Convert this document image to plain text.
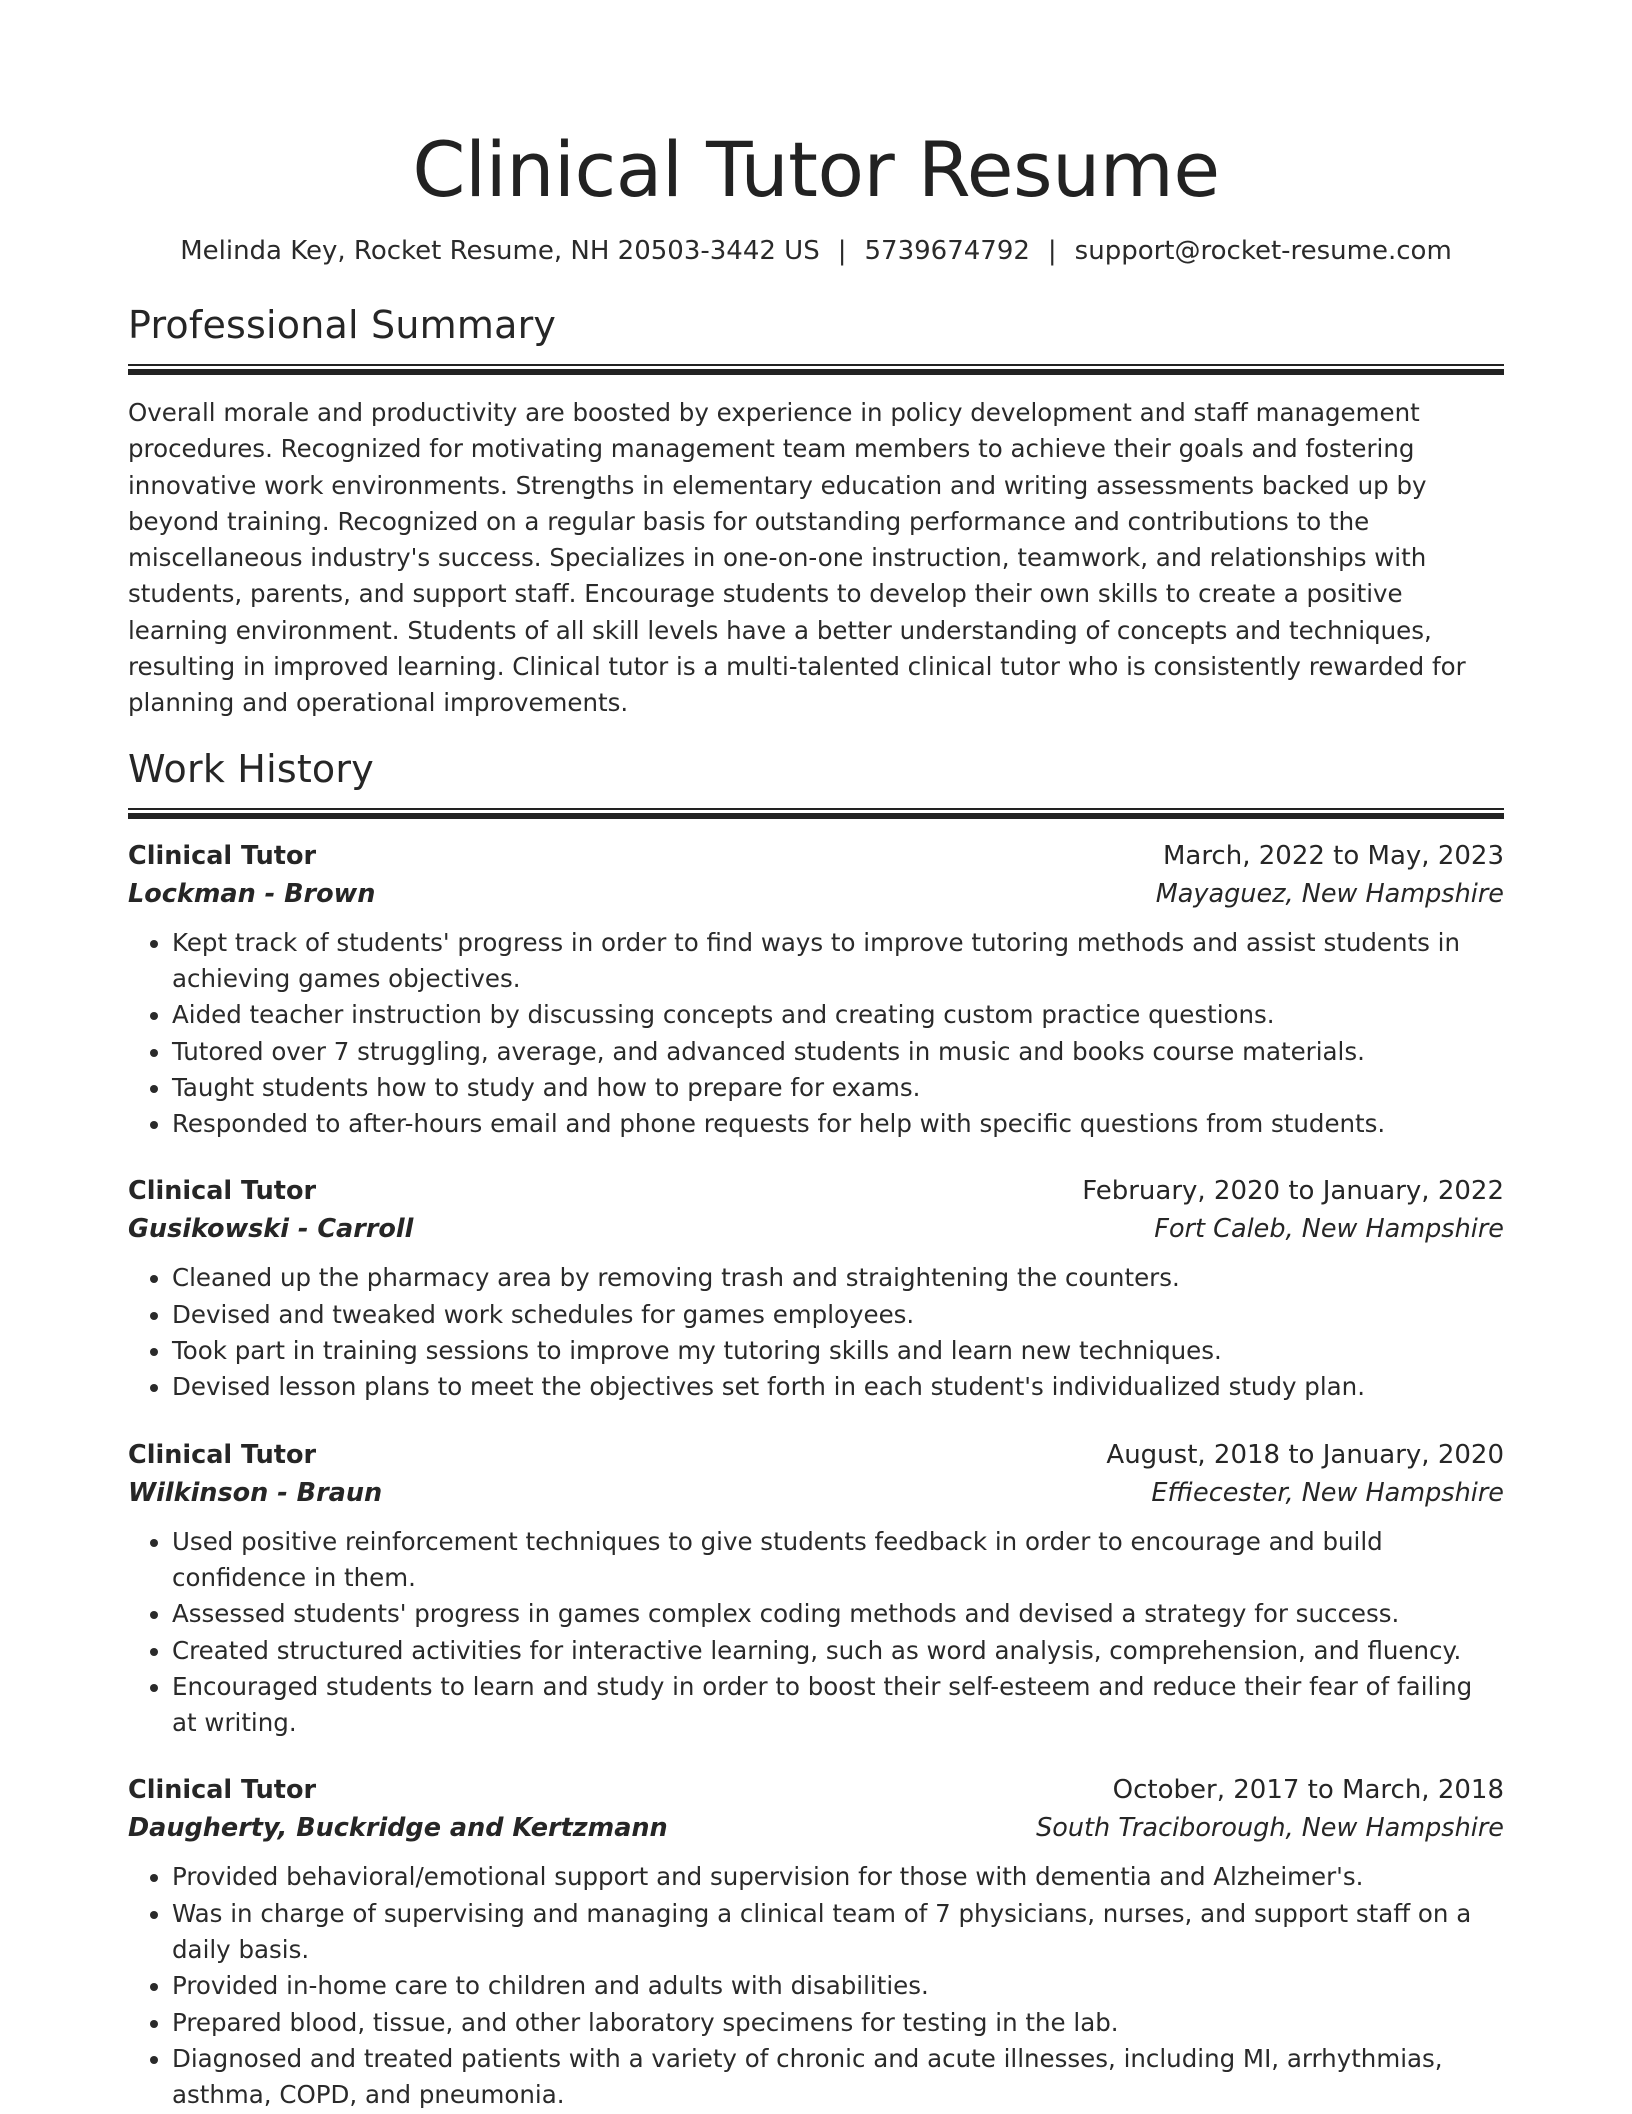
Clinical Tutor Resume
Melinda Key, Rocket Resume, NH 20503-3442 US | 5739674792 | support@rocket-resume.com
Professional Summary

Overall morale and productivity are boosted by experience in policy development and staff management procedures. Recognized for motivating management team members to achieve their goals and fostering innovative work environments. Strengths in elementary education and writing assessments backed up by beyond training. Recognized on a regular basis for outstanding performance and contributions to the miscellaneous industry's success. Specializes in one-on-one instruction, teamwork, and relationships with students, parents, and support staff. Encourage students to develop their own skills to create a positive learning environment. Students of all skill levels have a better understanding of concepts and techniques, resulting in improved learning. Clinical tutor is a multi-talented clinical tutor who is consistently rewarded for planning and operational improvements.

Work History
Clinical Tutor	March, 2022 to May, 2023
Lockman - Brown	Mayaguez, New Hampshire
• Kept track of students' progress in order to find ways to improve tutoring methods and assist students in achieving games objectives.
• Aided teacher instruction by discussing concepts and creating custom practice questions.
• Tutored over 7 struggling, average, and advanced students in music and books course materials.
• Taught students how to study and how to prepare for exams.
• Responded to after-hours email and phone requests for help with specific questions from students.
Clinical Tutor	February, 2020 to January, 2022
Gusikowski - Carroll	Fort Caleb, New Hampshire
• Cleaned up the pharmacy area by removing trash and straightening the counters.
• Devised and tweaked work schedules for games employees.
• Took part in training sessions to improve my tutoring skills and learn new techniques.
• Devised lesson plans to meet the objectives set forth in each student's individualized study plan.
Clinical Tutor	August, 2018 to January, 2020
Wilkinson - Braun	Effiecester, New Hampshire
• Used positive reinforcement techniques to give students feedback in order to encourage and build confidence in them.
• Assessed students' progress in games complex coding methods and devised a strategy for success.
• Created structured activities for interactive learning, such as word analysis, comprehension, and fluency.
• Encouraged students to learn and study in order to boost their self-esteem and reduce their fear of failing at writing.
Clinical Tutor	October, 2017 to March, 2018
Daugherty, Buckridge and Kertzmann	South Traciborough, New Hampshire
• Provided behavioral/emotional support and supervision for those with dementia and Alzheimer's.
• Was in charge of supervising and managing a clinical team of 7 physicians, nurses, and support staff on a daily basis.
• Provided in-home care to children and adults with disabilities.
• Prepared blood, tissue, and other laboratory specimens for testing in the lab.
• Diagnosed and treated patients with a variety of chronic and acute illnesses, including MI, arrhythmias, asthma, COPD, and pneumonia.
